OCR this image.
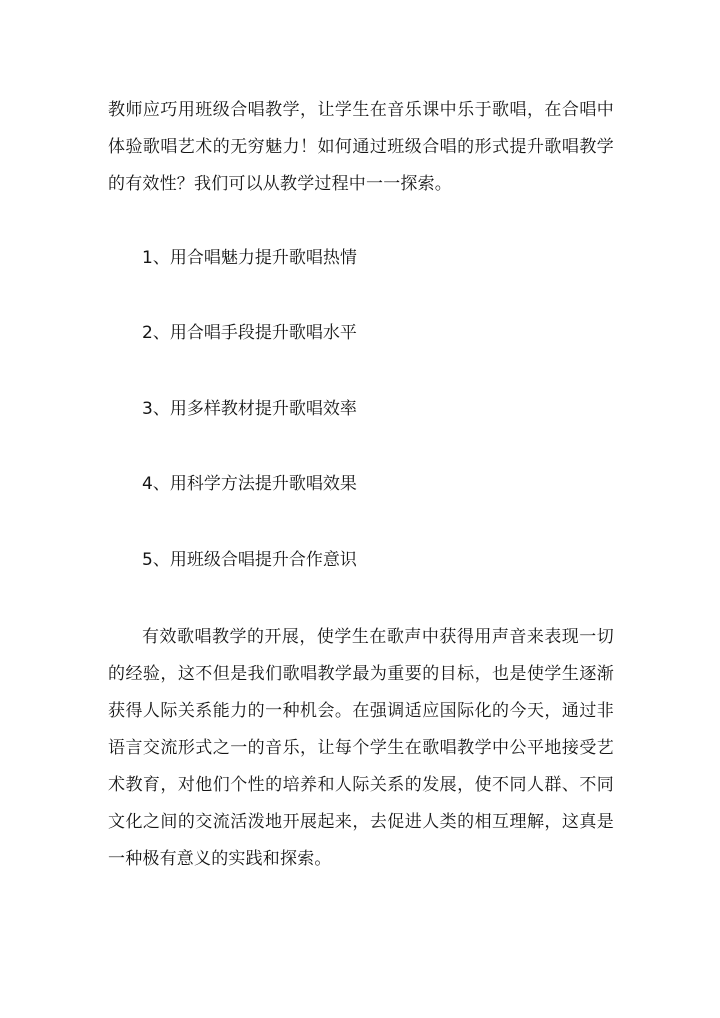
教师应巧用班级合唱教学，让学生在音乐课中乐于歌唱，在合唱中体验歌唱艺术的无穷魅力！如何通过班级合唱的形式提升歌唱教学的有效性？我们可以从教学过程中一一探索。

1、用合唱魅力提升歌唱热情

2、用合唱手段提升歌唱水平

3、用多样教材提升歌唱效率

4、用科学方法提升歌唱效果

5、用班级合唱提升合作意识

有效歌唱教学的开展，使学生在歌声中获得用声音来表现一切的经验，这不但是我们歌唱教学最为重要的目标，也是使学生逐渐获得人际关系能力的一种机会。在强调适应国际化的今天，通过非语言交流形式之一的音乐，让每个学生在歌唱教学中公平地接受艺术教育，对他们个性的培养和人际关系的发展，使不同人群、不同文化之间的交流活泼地开展起来，去促进人类的相互理解，这真是一种极有意义的实践和探索。
